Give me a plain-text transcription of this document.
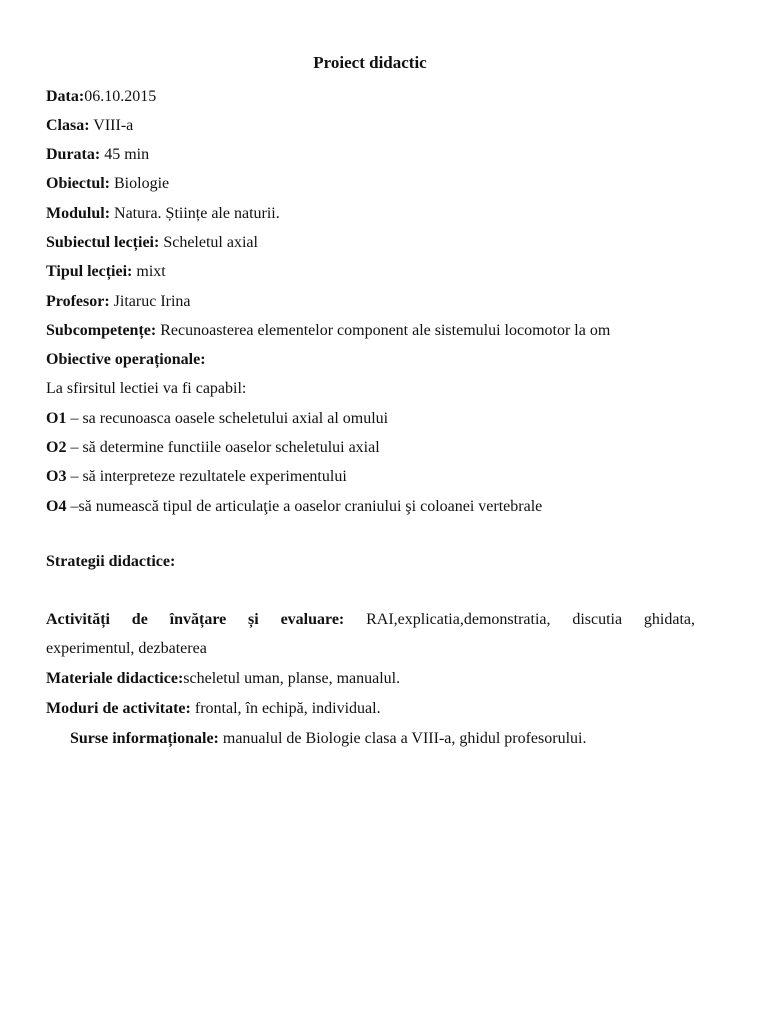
Proiect didactic
Data:06.10.2015
Clasa: VIII-a
Durata: 45 min
Obiectul: Biologie
Modulul: Natura. Științe ale naturii.
Subiectul lecției: Scheletul axial
Tipul lecției: mixt
Profesor: Jitaruc Irina
Subcompetențe: Recunoasterea elementelor component ale sistemului locomotor la om
Obiective operaționale:
La sfirsitul lectiei va fi capabil:
O1 – sa recunoasca oasele scheletului axial al omului
O2 – să determine functiile oaselor scheletului axial
O3 – să interpreteze rezultatele experimentului
O4 –să numească tipul de articulaţie a oaselor craniului şi coloanei vertebrale
Strategii didactice:
Activități de învățare și evaluare: RAI,explicatia,demonstratia, discutia ghidata,
experimentul, dezbaterea
Materiale didactice:scheletul uman, planse, manualul.
Moduri de activitate: frontal, în echipă, individual.
Surse informaționale: manualul de Biologie clasa a VIII-a, ghidul profesorului.
